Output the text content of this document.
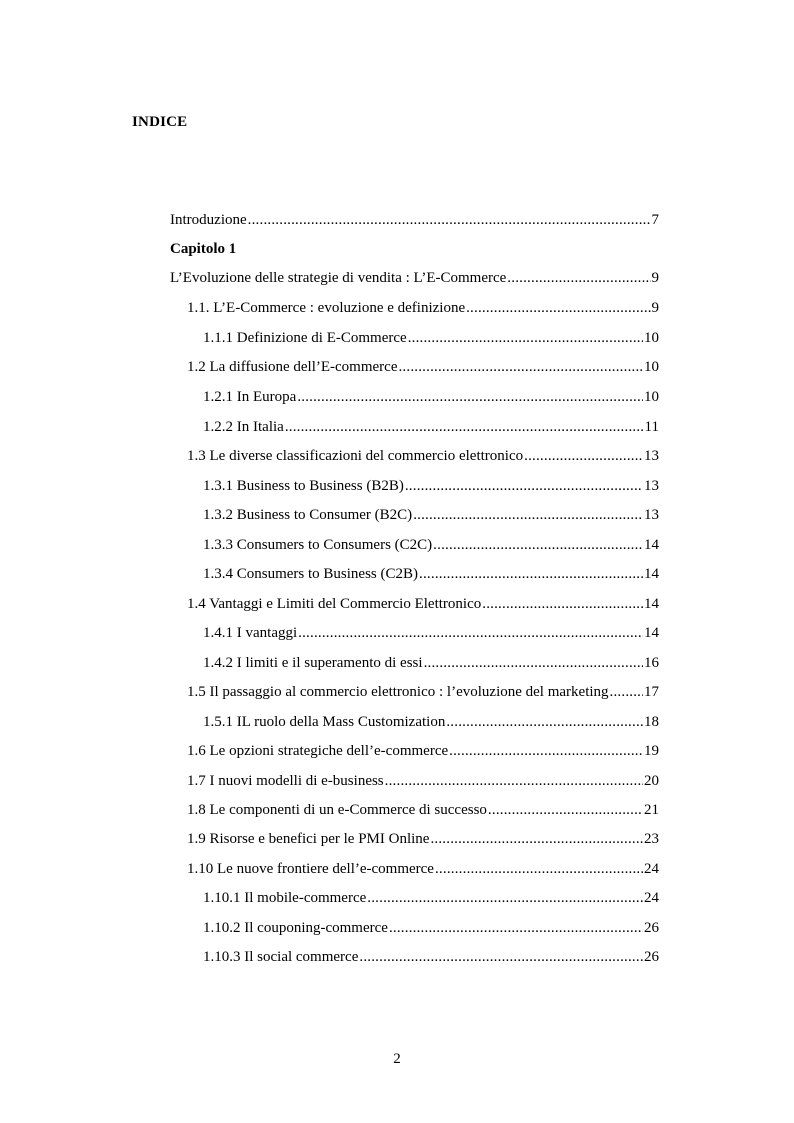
INDICE
Introduzione .....	7
Capitolo 1
L’Evoluzione delle strategie di vendita : L’E-Commerce .....	9
1.1. L’E-Commerce : evoluzione e definizione .....	9
1.1.1 Definizione di E-Commerce .....	10
1.2 La diffusione dell’E-commerce .....	10
1.2.1 In Europa .....	10
1.2.2 In Italia .....	11
1.3 Le diverse classificazioni del commercio elettronico .....	13
1.3.1 Business to Business (B2B) .....	13
1.3.2 Business to Consumer (B2C) .....	13
1.3.3 Consumers to Consumers (C2C) .....	14
1.3.4 Consumers to Business (C2B) .....	14
1.4 Vantaggi e Limiti del Commercio Elettronico .....	14
1.4.1 I vantaggi .....	14
1.4.2 I limiti e il superamento di essi .....	16
1.5 Il passaggio al commercio elettronico : l’evoluzione del marketing ..... 17
1.5.1 IL ruolo della Mass Customization .....	18
1.6 Le opzioni strategiche dell’e-commerce .....	19
1.7 I nuovi modelli di e-business .....	20
1.8 Le componenti di un e-Commerce di successo .....	21
1.9 Risorse e benefici per le PMI Online .....	23
1.10 Le nuove frontiere dell’e-commerce .....	24
1.10.1 Il mobile-commerce .....	24
1.10.2 Il couponing-commerce .....	26
1.10.3 Il social commerce .....	26
2
